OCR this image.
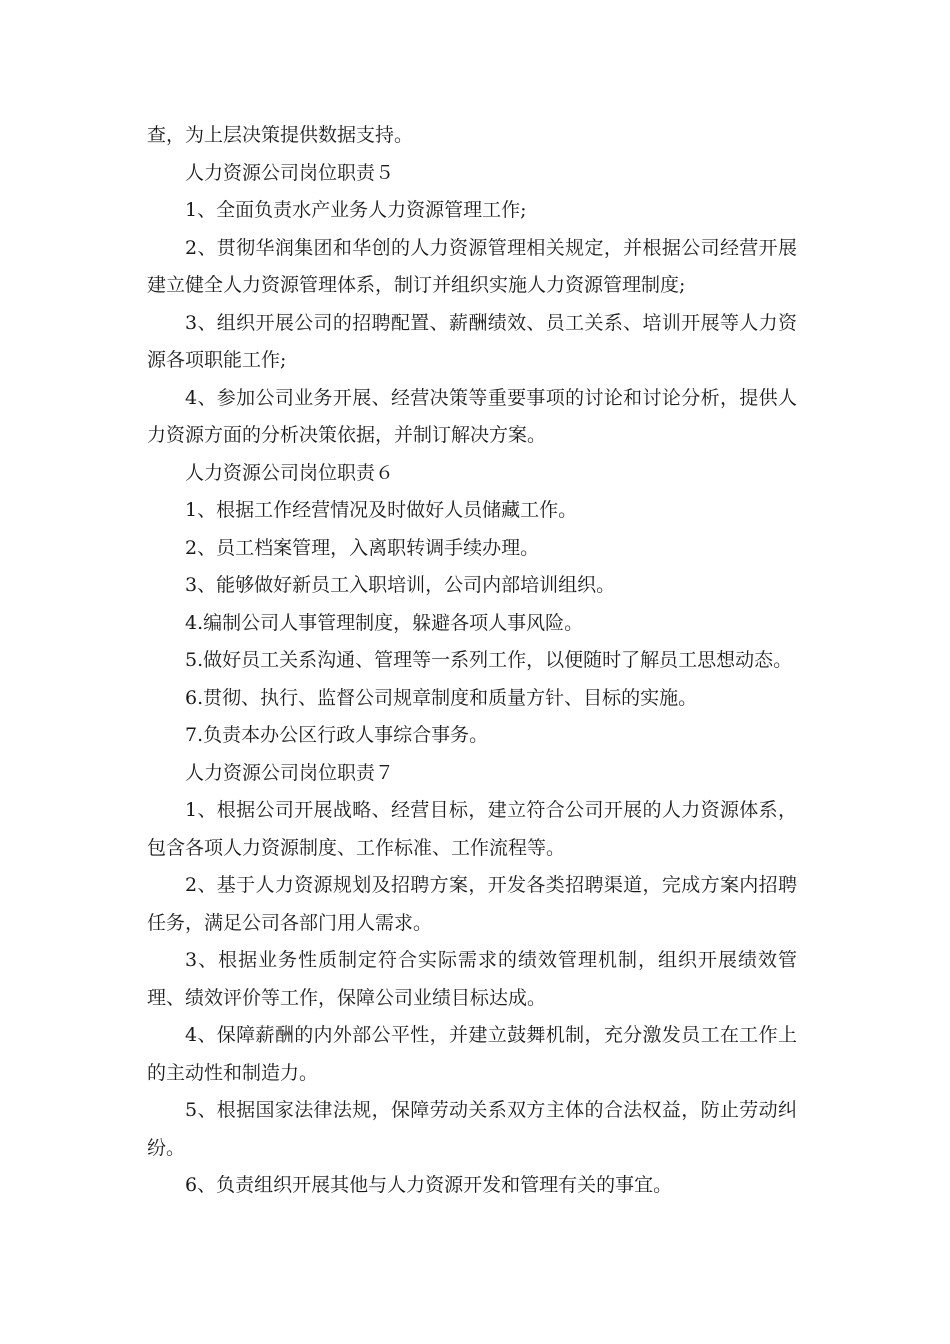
查，为上层决策提供数据支持。

人力资源公司岗位职责５

1、全面负责水产业务人力资源管理工作;

2、贯彻华润集团和华创的人力资源管理相关规定，并根据公司经营开展建立健全人力资源管理体系，制订并组织实施人力资源管理制度;

3、组织开展公司的招聘配置、薪酬绩效、员工关系、培训开展等人力资源各项职能工作;

4、参加公司业务开展、经营决策等重要事项的讨论和讨论分析，提供人力资源方面的分析决策依据，并制订解决方案。

人力资源公司岗位职责６

1、根据工作经营情况及时做好人员储藏工作。

2、员工档案管理，入离职转调手续办理。

3、能够做好新员工入职培训，公司内部培训组织。

4.编制公司人事管理制度，躲避各项人事风险。

5.做好员工关系沟通、管理等一系列工作，以便随时了解员工思想动态。

6.贯彻、执行、监督公司规章制度和质量方针、目标的实施。

7.负责本办公区行政人事综合事务。

人力资源公司岗位职责７

1、根据公司开展战略、经营目标，建立符合公司开展的人力资源体系，包含各项人力资源制度、工作标准、工作流程等。

2、基于人力资源规划及招聘方案，开发各类招聘渠道，完成方案内招聘任务，满足公司各部门用人需求。

3、根据业务性质制定符合实际需求的绩效管理机制，组织开展绩效管理、绩效评价等工作，保障公司业绩目标达成。

4、保障薪酬的内外部公平性，并建立鼓舞机制，充分激发员工在工作上的主动性和制造力。

5、根据国家法律法规，保障劳动关系双方主体的合法权益，防止劳动纠纷。

6、负责组织开展其他与人力资源开发和管理有关的事宜。
